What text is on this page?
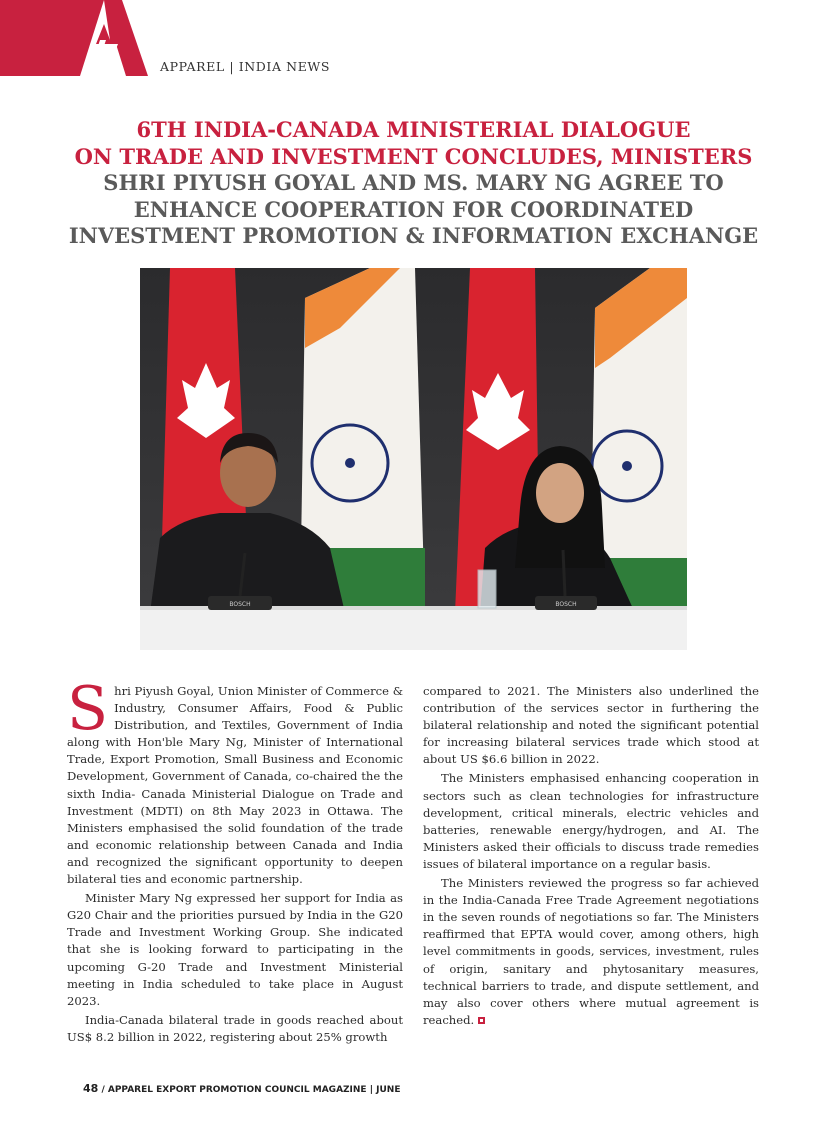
APPAREL | INDIA NEWS
6TH INDIA-CANADA MINISTERIAL DIALOGUE
ON TRADE AND INVESTMENT CONCLUDES, MINISTERS
SHRI PIYUSH GOYAL AND MS. MARY NG AGREE TO
ENHANCE COOPERATION FOR COORDINATED
INVESTMENT PROMOTION & INFORMATION EXCHANGE
BOSCH	BOSCH

Shri Piyush Goyal, Union Minister of Commerce & Industry, Consumer Affairs, Food & Public Distribution, and Textiles, Government of India along with Hon'ble Mary Ng, Minister of International Trade, Export Promotion, Small Business and Economic Development, Government of Canada, co-chaired the the sixth India- Canada Ministerial Dialogue on Trade and Investment (MDTI) on 8th May 2023 in Ottawa. The Ministers emphasised the solid foundation of the trade and economic relationship between Canada and India and recognized the significant opportunity to deepen bilateral ties and economic partnership.

Minister Mary Ng expressed her support for India as G20 Chair and the priorities pursued by India in the G20 Trade and Investment Working Group. She indicated that she is looking forward to participating in the upcoming G-20 Trade and Investment Ministerial meeting in India scheduled to take place in August 2023.

India-Canada bilateral trade in goods reached about US$ 8.2 billion in 2022, registering about 25% growth

compared to 2021. The Ministers also underlined the contribution of the services sector in furthering the bilateral relationship and noted the significant potential for increasing bilateral services trade which stood at about US $6.6 billion in 2022.

The Ministers emphasised enhancing cooperation in sectors such as clean technologies for infrastructure development, critical minerals, electric vehicles and batteries, renewable energy/hydrogen, and AI. The Ministers asked their officials to discuss trade remedies issues of bilateral importance on a regular basis.

The Ministers reviewed the progress so far achieved in the India-Canada Free Trade Agreement negotiations in the seven rounds of negotiations so far. The Ministers reaffirmed that EPTA would cover, among others, high level commitments in goods, services, investment, rules of origin, sanitary and phytosanitary measures, technical barriers to trade, and dispute settlement, and may also cover others where mutual agreement is reached.

48 / APPAREL EXPORT PROMOTION COUNCIL MAGAZINE | JUNE
